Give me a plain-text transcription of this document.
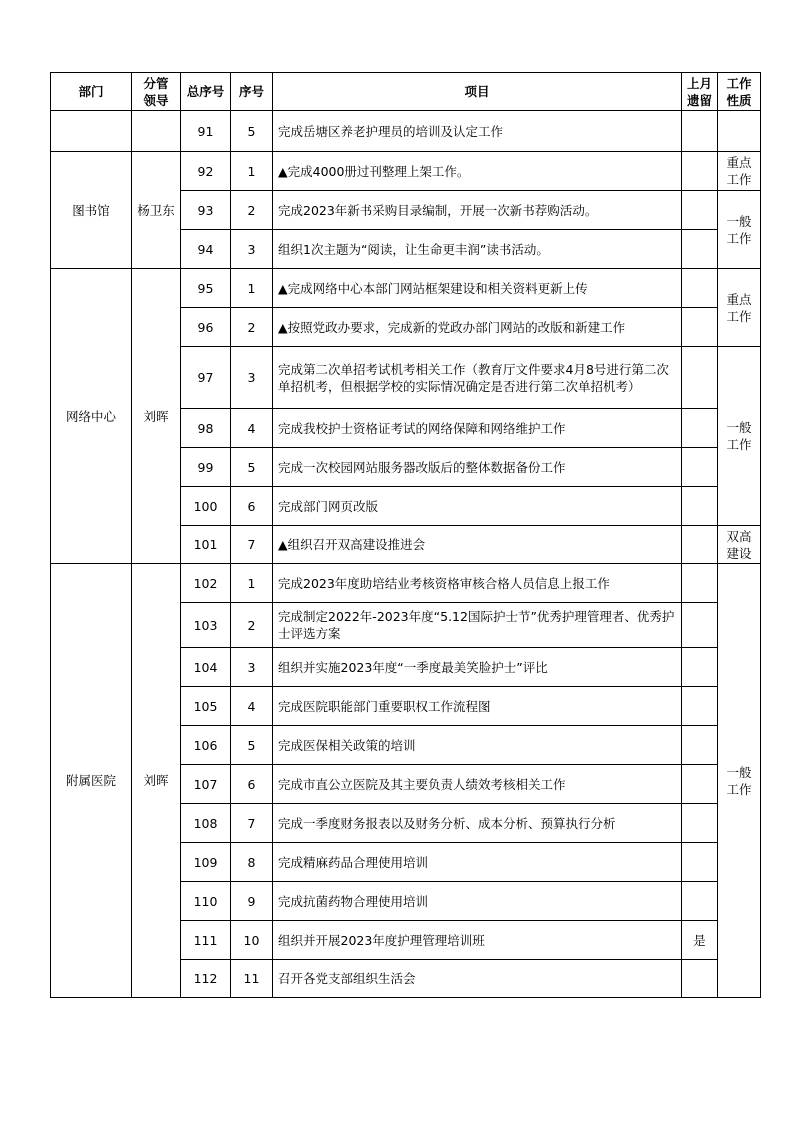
部门	分管领导	总序号	序号	项目	上月遗留	工作性质

		91	5	完成岳塘区养老护理员的培训及认定工作		
图书馆	杨卫东	92	1	▲完成4000册过刊整理上架工作。		重点工作

		93	2	完成2023年新书采购目录编制，开展一次新书荐购活动。		一般工作

		94	3	组织1次主题为“阅读，让生命更丰润”读书活动。		
网络中心	刘晖	95	1	▲完成网络中心本部门网站框架建设和相关资料更新上传		重点工作

		96	2	▲按照党政办要求，完成新的党政办部门网站的改版和新建工作		
		97	3	完成第二次单招考试机考相关工作（教育厅文件要求4月8号进行第二次单招机考，但根据学校的实际情况确定是否进行第二次单招机考）		一般工作

		98	4	完成我校护士资格证考试的网络保障和网络维护工作		
		99	5	完成一次校园网站服务器改版后的整体数据备份工作		
		100	6	完成部门网页改版		
		101	7	▲组织召开双高建设推进会		双高建设

附属医院	刘晖	102	1	完成2023年度助培结业考核资格审核合格人员信息上报工作		一般工作

		103	2	完成制定2022年-2023年度“5.12国际护士节”优秀护理管理者、优秀护士评选方案		
		104	3	组织并实施2023年度“一季度最美笑脸护士”评比		
		105	4	完成医院职能部门重要职权工作流程图		
		106	5	完成医保相关政策的培训		
		107	6	完成市直公立医院及其主要负责人绩效考核相关工作		
		108	7	完成一季度财务报表以及财务分析、成本分析、预算执行分析		
		109	8	完成精麻药品合理使用培训		
		110	9	完成抗菌药物合理使用培训		
		111	10	组织并开展2023年度护理管理培训班	是	
		112	11	召开各党支部组织生活会		
